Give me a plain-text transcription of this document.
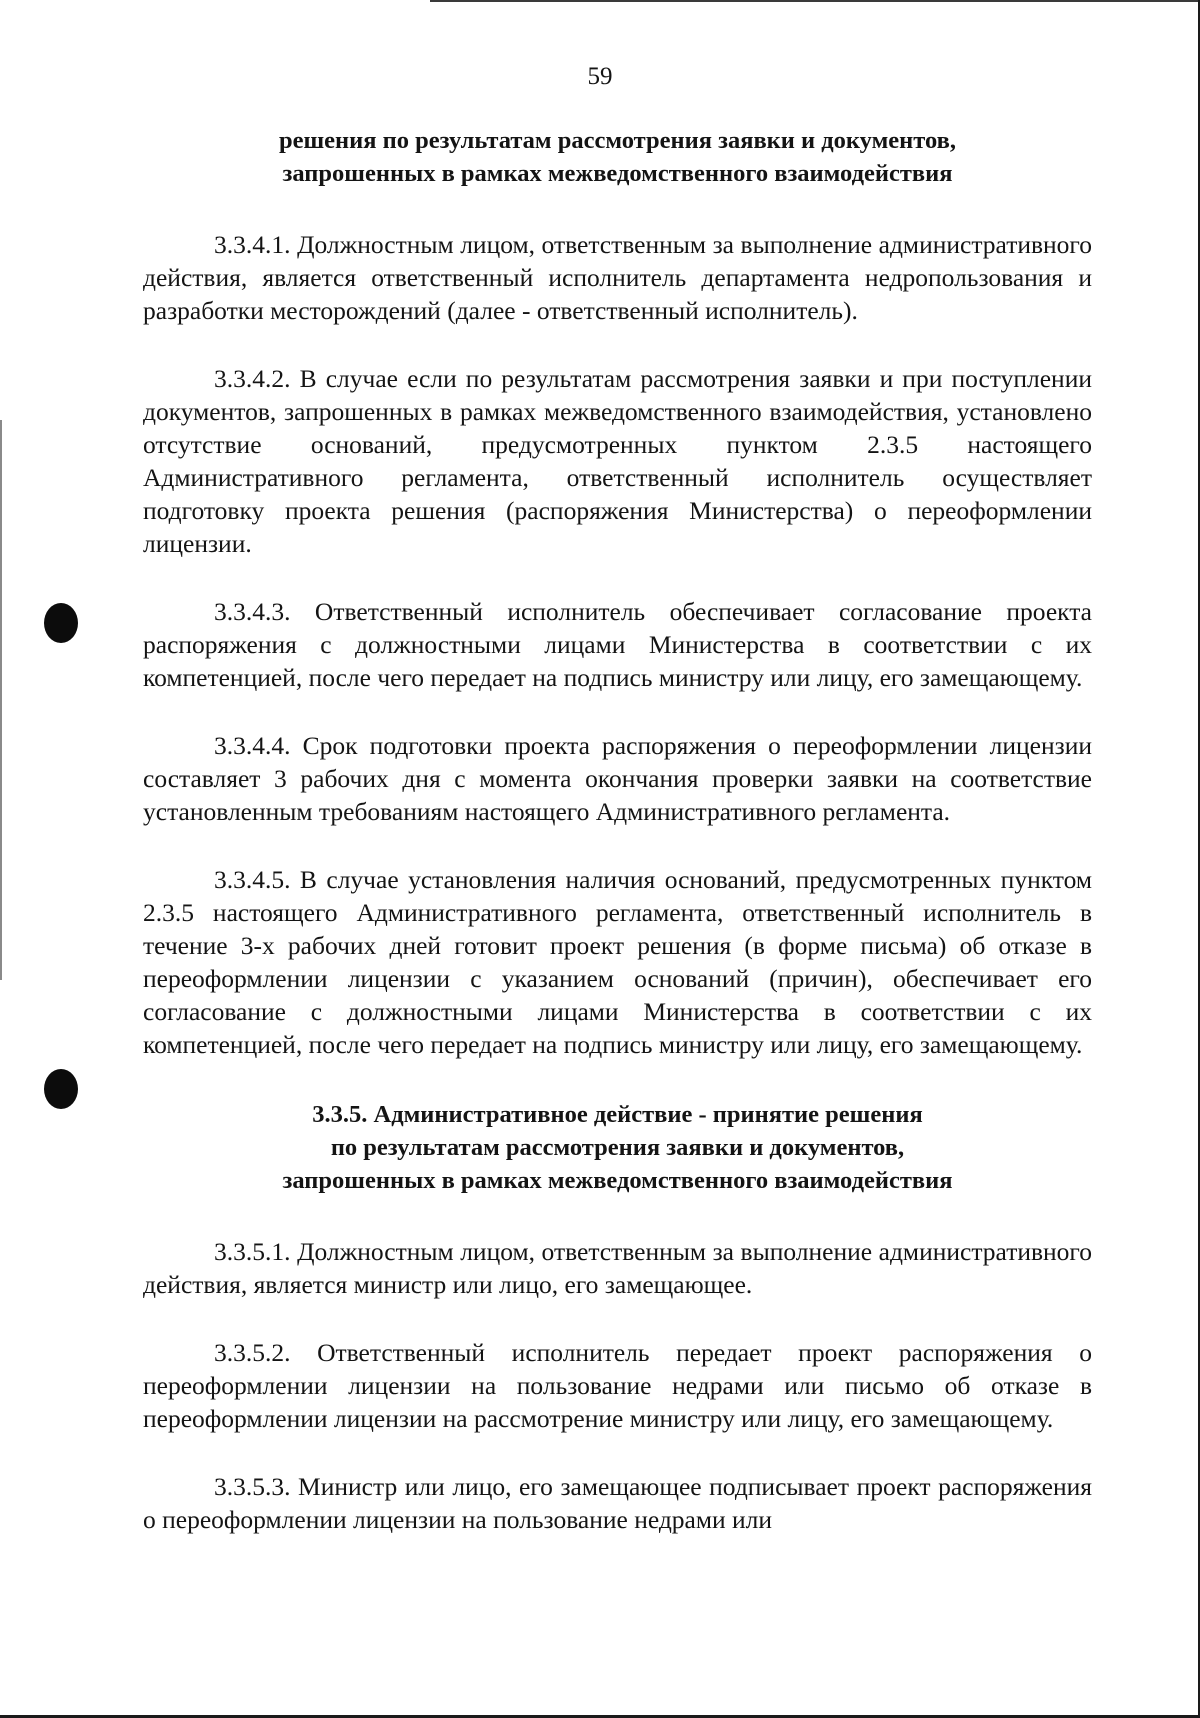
59
решения по результатам рассмотрения заявки и документов,
запрошенных в рамках межведомственного взаимодействия

3.3.4.1. Должностным лицом, ответственным за выполнение административного действия, является ответственный исполнитель департамента недропользования и разработки месторождений (далее - ответственный исполнитель).

3.3.4.2. В случае если по результатам рассмотрения заявки и при поступлении документов, запрошенных в рамках межведомственного взаимодействия, установлено отсутствие оснований, предусмотренных пунктом 2.3.5 настоящего Административного регламента, ответственный исполнитель осуществляет подготовку проекта решения (распоряжения Министерства) о переоформлении лицензии.

3.3.4.3. Ответственный исполнитель обеспечивает согласование проекта распоряжения с должностными лицами Министерства в соответствии с их компетенцией, после чего передает на подпись министру или лицу, его замещающему.

3.3.4.4. Срок подготовки проекта распоряжения о переоформлении лицензии составляет 3 рабочих дня с момента окончания проверки заявки на соответствие установленным требованиям настоящего Административного регламента.

3.3.4.5. В случае установления наличия оснований, предусмотренных пунктом 2.3.5 настоящего Административного регламента, ответственный исполнитель в течение 3-х рабочих дней готовит проект решения (в форме письма) об отказе в переоформлении лицензии с указанием оснований (причин), обеспечивает его согласование с должностными лицами Министерства в соответствии с их компетенцией, после чего передает на подпись министру или лицу, его замещающему.

3.3.5. Административное действие - принятие решения
по результатам рассмотрения заявки и документов,
запрошенных в рамках межведомственного взаимодействия

3.3.5.1. Должностным лицом, ответственным за выполнение административного действия, является министр или лицо, его замещающее.

3.3.5.2. Ответственный исполнитель передает проект распоряжения о переоформлении лицензии на пользование недрами или письмо об отказе в переоформлении лицензии на рассмотрение министру или лицу, его замещающему.

3.3.5.3. Министр или лицо, его замещающее подписывает проект распоряжения о переоформлении лицензии на пользование недрами или
